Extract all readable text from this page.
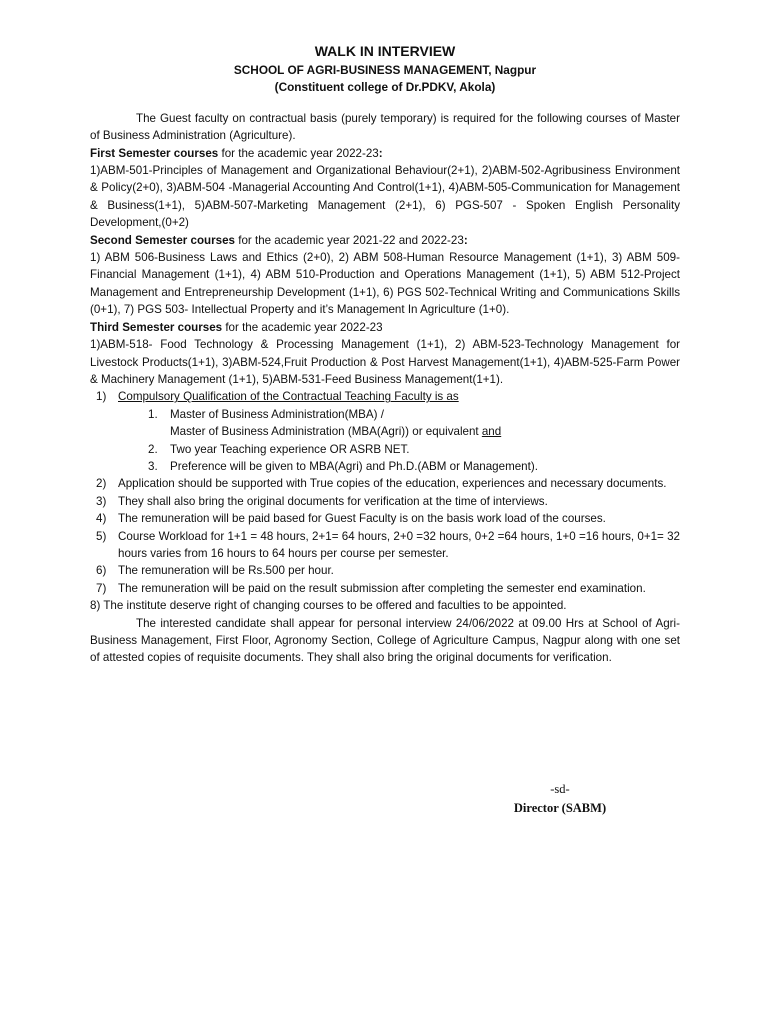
WALK IN INTERVIEW
SCHOOL OF AGRI-BUSINESS MANAGEMENT, Nagpur
(Constituent college of Dr.PDKV, Akola)

The Guest faculty on contractual basis (purely temporary) is required for the following courses of Master of Business Administration (Agriculture).

First Semester courses for the academic year 2022-23:

1)ABM-501-Principles of Management and Organizational Behaviour(2+1), 2)ABM-502-Agribusiness Environment & Policy(2+0), 3)ABM-504 -Managerial Accounting And Control(1+1), 4)ABM-505-Communication for Management & Business(1+1), 5)ABM-507-Marketing Management (2+1), 6) PGS-507 - Spoken English Personality Development,(0+2)

Second Semester courses for the academic year 2021-22 and 2022-23:

1) ABM 506-Business Laws and Ethics (2+0), 2) ABM 508-Human Resource Management (1+1), 3) ABM 509-Financial Management (1+1), 4) ABM 510-Production and Operations Management (1+1), 5) ABM 512-Project Management and Entrepreneurship Development (1+1), 6) PGS 502-Technical Writing and Communications Skills (0+1), 7) PGS 503- Intellectual Property and it’s Management In Agriculture (1+0).

Third Semester courses for the academic year 2022-23

1)ABM-518- Food Technology & Processing Management (1+1), 2) ABM-523-Technology Management for Livestock Products(1+1), 3)ABM-524,Fruit Production & Post Harvest Management(1+1), 4)ABM-525-Farm Power & Machinery Management (1+1), 5)ABM-531-Feed Business Management(1+1).

1)	Compulsory Qualification of the Contractual Teaching Faculty is as
1.	Master of Business Administration(MBA) /
Master of Business Administration (MBA(Agri)) or equivalent and
2.	Two year Teaching experience OR ASRB NET.
3.	Preference will be given to MBA(Agri) and Ph.D.(ABM or Management).
2)	Application should be supported with True copies of the education, experiences and necessary documents.
3)	They shall also bring the original documents for verification at the time of interviews.
4)	The remuneration will be paid based for Guest Faculty is on the basis work load of the courses.
5)	Course Workload for 1+1 = 48 hours, 2+1= 64 hours, 2+0 =32 hours, 0+2 =64 hours, 1+0 =16 hours, 0+1= 32 hours varies from 16 hours to 64 hours per course per semester.
6)	The remuneration will be Rs.500 per hour.
7)	The remuneration will be paid on the result submission after completing the semester end examination.

8) The institute deserve right of changing courses to be offered and faculties to be appointed.

The interested candidate shall appear for personal interview 24/06/2022 at 09.00 Hrs at School of Agri-Business Management, First Floor, Agronomy Section, College of Agriculture Campus, Nagpur along with one set of attested copies of requisite documents. They shall also bring the original documents for verification.

-sd-
Director (SABM)
